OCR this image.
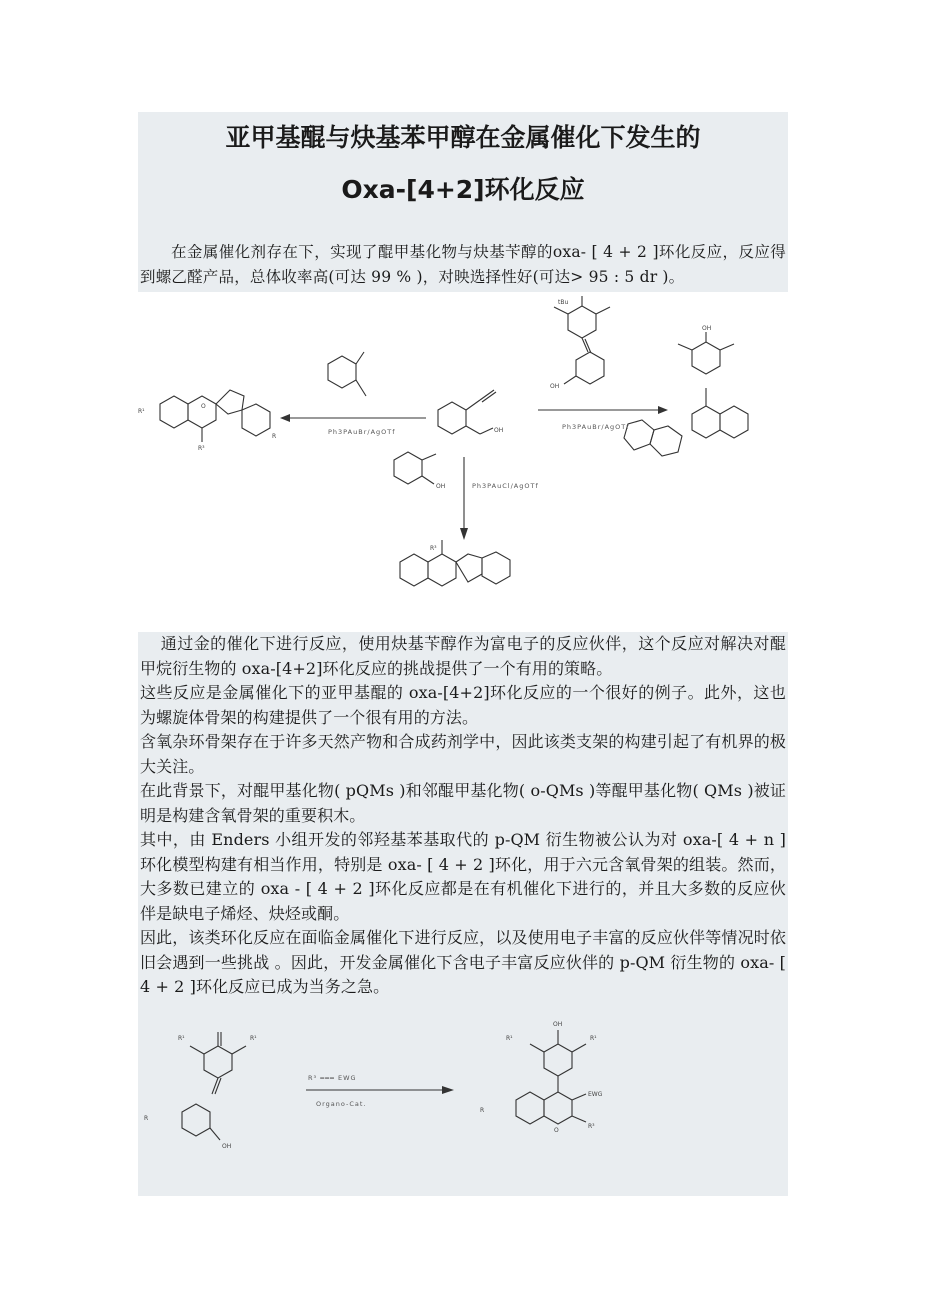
亚甲基醌与炔基苯甲醇在金属催化下发生的
Oxa-[4+2]环化反应
在金属催化剂存在下，实现了醌甲基化物与炔基苄醇的oxa- [ 4 + 2 ]环化反应，反应得到螺乙醛产品，总体收率高(可达 99 % )，对映选择性好(可达> 95 : 5 dr )。
Ph3PAuBr/AgOTf
Ph3PAuBr/AgOTf
Ph3PAuCl/AgOTf
R¹
R³
R
OH
tBu
OH
OH
R³
OH
O

通过金的催化下进行反应，使用炔基苄醇作为富电子的反应伙伴，这个反应对解决对醌甲烷衍生物的 oxa-[4+2]环化反应的挑战提供了一个有用的策略。

这些反应是金属催化下的亚甲基醌的 oxa-[4+2]环化反应的一个很好的例子。此外，这也为螺旋体骨架的构建提供了一个很有用的方法。

含氧杂环骨架存在于许多天然产物和合成药剂学中，因此该类支架的构建引起了有机界的极大关注。

在此背景下，对醌甲基化物( pQMs )和邻醌甲基化物( o-QMs )等醌甲基化物( QMs )被证明是构建含氧骨架的重要积木。

其中，由 Enders 小组开发的邻羟基苯基取代的 p-QM 衍生物被公认为对 oxa-[ 4 + n ]环化模型构建有相当作用，特别是 oxa- [ 4 + 2 ]环化，用于六元含氧骨架的组装。然而，大多数已建立的 oxa - [ 4 + 2 ]环化反应都是在有机催化下进行的，并且大多数的反应伙伴是缺电子烯烃、炔烃或酮。

因此，该类环化反应在面临金属催化下进行反应，以及使用电子丰富的反应伙伴等情况时依旧会遇到一些挑战 。因此，开发金属催化下含电子丰富反应伙伴的 p-QM 衍生物的 oxa- [ 4 + 2 ]环化反应已成为当务之急。

R³ ═══ EWG
Organo-Cat.
R¹	R¹
R
OH
OH
R¹	R¹
EWG
R³
O
R
